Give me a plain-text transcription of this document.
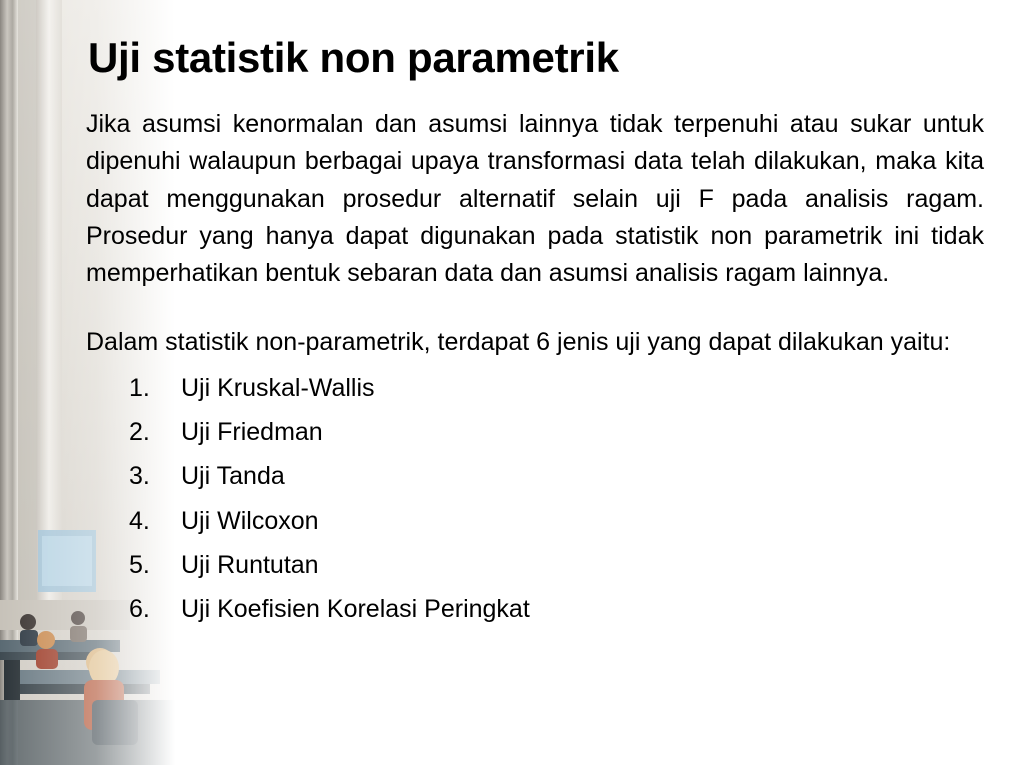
Uji statistik non parametrik

Jika asumsi kenormalan dan asumsi lainnya tidak terpenuhi atau sukar untuk dipenuhi walaupun berbagai upaya transformasi data telah dilakukan, maka kita dapat menggunakan prosedur alternatif selain uji F pada analisis ragam. Prosedur yang hanya dapat digunakan pada statistik non parametrik ini tidak memperhatikan bentuk sebaran data dan asumsi analisis ragam lainnya.

Dalam statistik non-parametrik, terdapat 6 jenis uji yang dapat dilakukan yaitu:

1. Uji Kruskal-Wallis
2. Uji Friedman
3. Uji Tanda
4. Uji Wilcoxon
5. Uji Runtutan
6. Uji Koefisien Korelasi Peringkat
